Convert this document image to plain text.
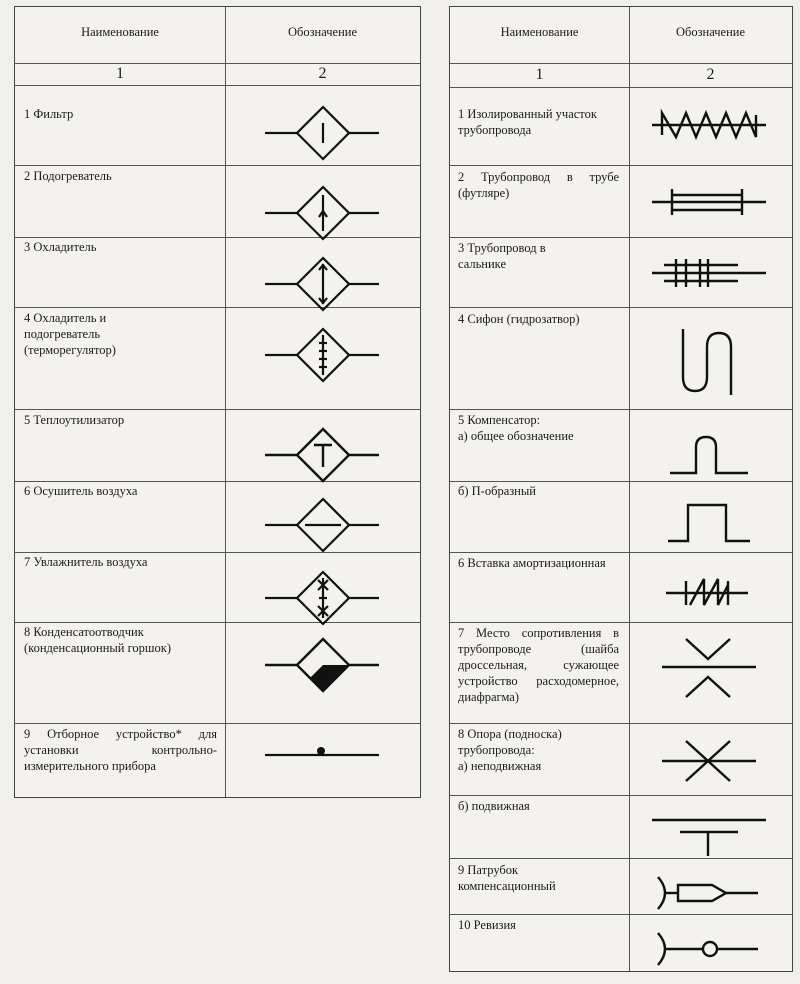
Наименование	Обозначение
1	2
1 Фильтр
2 Подогреватель
3 Охладитель
4 Охладитель и подогреватель (терморегулятор)
5 Теплоутилизатор
6 Осушитель воздуха
7 Увлажнитель воздуха
8 Конденсатоотводчик (конденсационный горшок)
9 Отборное устройство* для установки контрольно-измерительного прибора
Наименование	Обозначение
1	2
1 Изолированный участок трубопровода
2 Трубопровод в трубе (футляре)
3 Трубопровод в сальнике
4 Сифон (гидрозатвор)
5 Компенсатор:
а) общее обозначение
б) П-образный
6 Вставка амортизационная
7 Место сопротивления в трубопроводе (шайба дроссельная, сужающее устройство расходомерное, диафрагма)
8 Опора (подноска) трубопровода:
а) неподвижная
б) подвижная
9 Патрубок компенсационный
10 Ревизия
